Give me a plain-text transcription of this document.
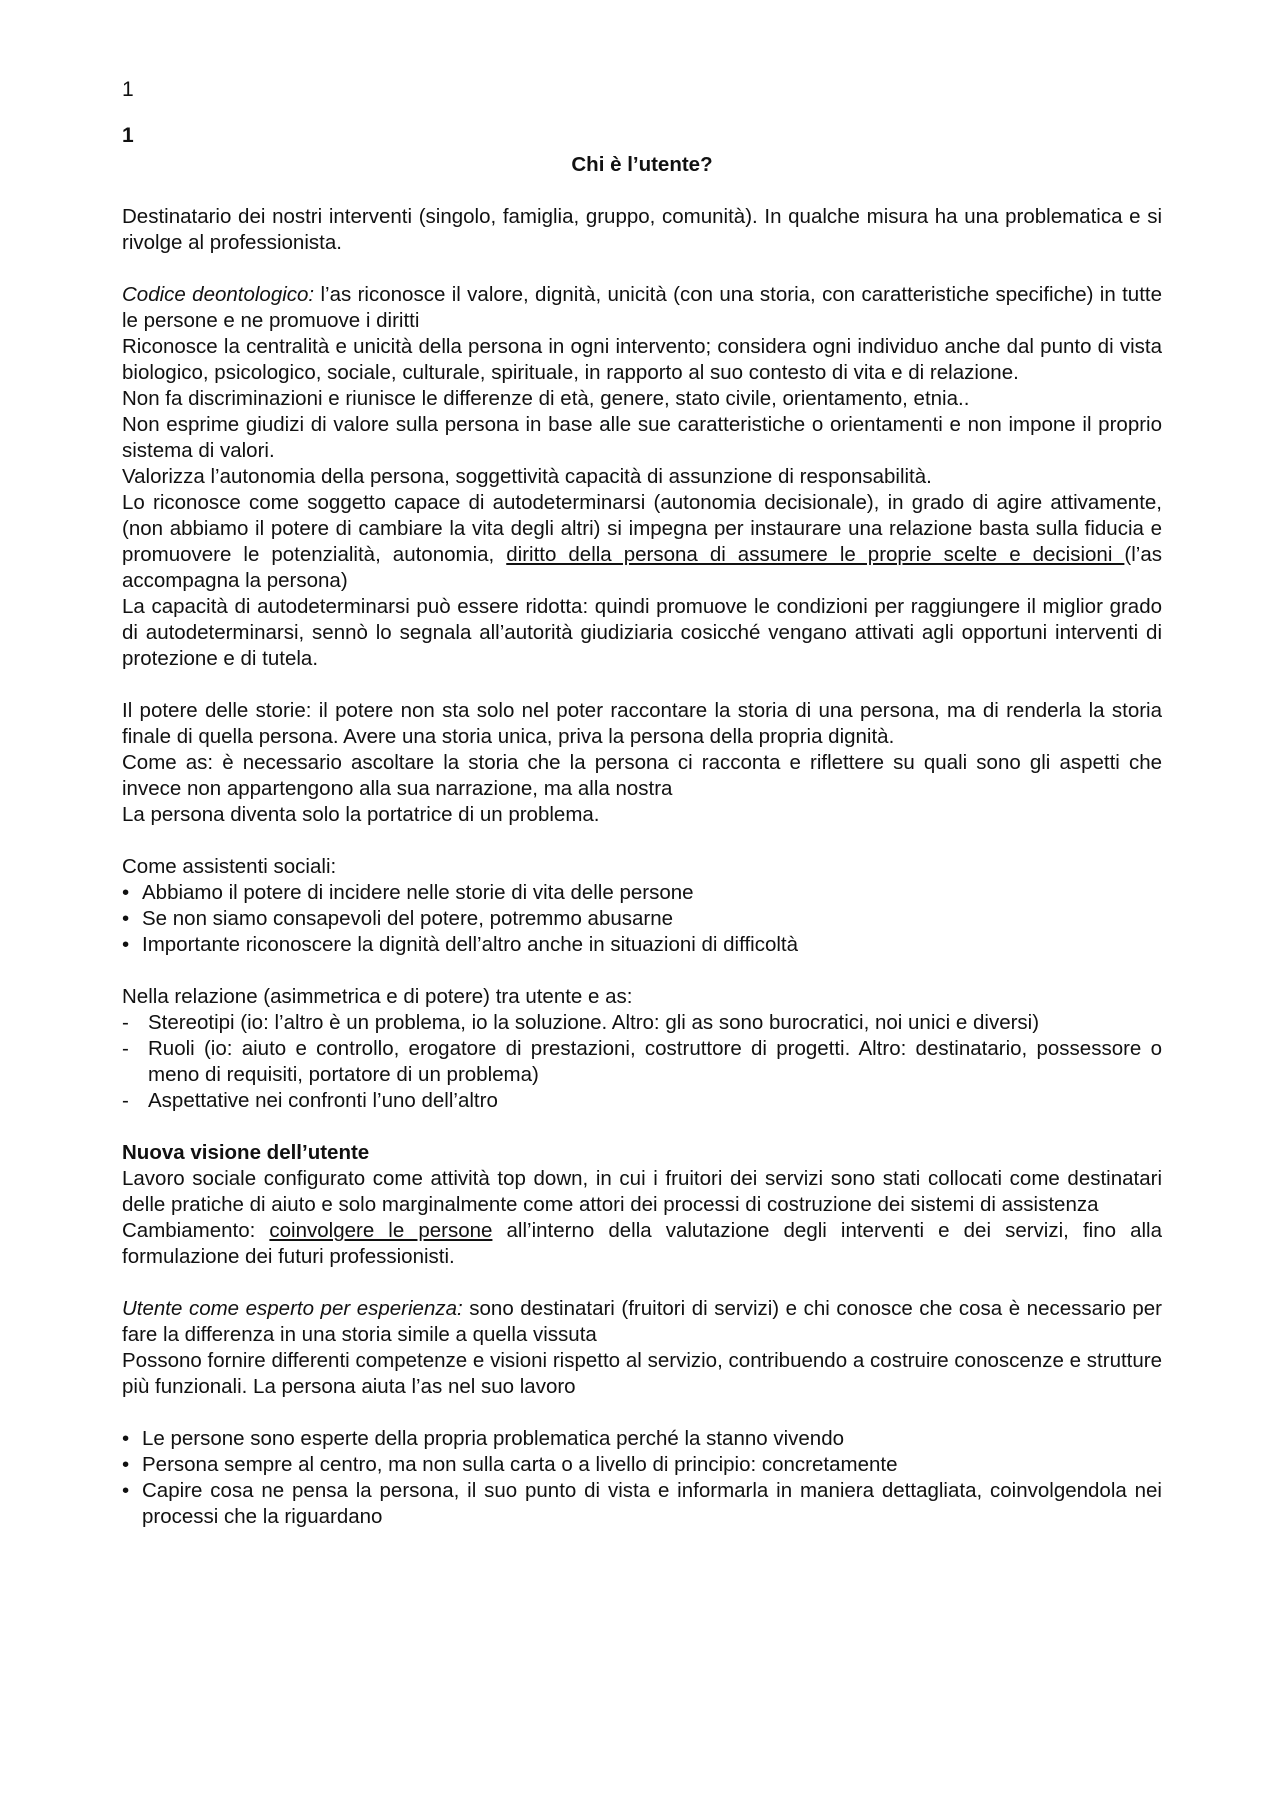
1
1
Chi è l’utente?

Destinatario dei nostri interventi (singolo, famiglia, gruppo, comunità). In qualche misura ha una problematica e si rivolge al professionista.

Codice deontologico: l’as riconosce il valore, dignità, unicità (con una storia, con caratteristiche specifiche) in tutte le persone e ne promuove i diritti

Riconosce la centralità e unicità della persona in ogni intervento; considera ogni individuo anche dal punto di vista biologico, psicologico, sociale, culturale, spirituale, in rapporto al suo contesto di vita e di relazione.

Non fa discriminazioni e riunisce le differenze di età, genere, stato civile, orientamento, etnia..

Non esprime giudizi di valore sulla persona in base alle sue caratteristiche o orientamenti e non impone il proprio sistema di valori.

Valorizza l’autonomia della persona, soggettività capacità di assunzione di responsabilità.

Lo riconosce come soggetto capace di autodeterminarsi (autonomia decisionale), in grado di agire attivamente, (non abbiamo il potere di cambiare la vita degli altri) si impegna per instaurare una relazione basta sulla fiducia e promuovere le potenzialità, autonomia, diritto della persona di assumere le proprie scelte e decisioni (l’as accompagna la persona)

La capacità di autodeterminarsi può essere ridotta: quindi promuove le condizioni per raggiungere il miglior grado di autodeterminarsi, sennò lo segnala all’autorità giudiziaria cosicché vengano attivati agli opportuni interventi di protezione e di tutela.

Il potere delle storie: il potere non sta solo nel poter raccontare la storia di una persona, ma di renderla la storia finale di quella persona. Avere una storia unica, priva la persona della propria dignità.

Come as: è necessario ascoltare la storia che la persona ci racconta e riflettere su quali sono gli aspetti che invece non appartengono alla sua narrazione, ma alla nostra

La persona diventa solo la portatrice di un problema.

Come assistenti sociali:

• Abbiamo il potere di incidere nelle storie di vita delle persone
• Se non siamo consapevoli del potere, potremmo abusarne
• Importante riconoscere la dignità dell’altro anche in situazioni di difficoltà

Nella relazione (asimmetrica e di potere) tra utente e as:

- Stereotipi (io: l’altro è un problema, io la soluzione. Altro: gli as sono burocratici, noi unici e diversi)
- Ruoli (io: aiuto e controllo, erogatore di prestazioni, costruttore di progetti. Altro: destinatario, possessore o meno di requisiti, portatore di un problema)
- Aspettative nei confronti l’uno dell’altro

Nuova visione dell’utente

Lavoro sociale configurato come attività top down, in cui i fruitori dei servizi sono stati collocati come destinatari delle pratiche di aiuto e solo marginalmente come attori dei processi di costruzione dei sistemi di assistenza

Cambiamento: coinvolgere le persone all’interno della valutazione degli interventi e dei servizi, fino alla formulazione dei futuri professionisti.

Utente come esperto per esperienza: sono destinatari (fruitori di servizi) e chi conosce che cosa è necessario per fare la differenza in una storia simile a quella vissuta

Possono fornire differenti competenze e visioni rispetto al servizio, contribuendo a costruire conoscenze e strutture più funzionali. La persona aiuta l’as nel suo lavoro

• Le persone sono esperte della propria problematica perché la stanno vivendo
• Persona sempre al centro, ma non sulla carta o a livello di principio: concretamente
• Capire cosa ne pensa la persona, il suo punto di vista e informarla in maniera dettagliata, coinvolgendola nei processi che la riguardano
